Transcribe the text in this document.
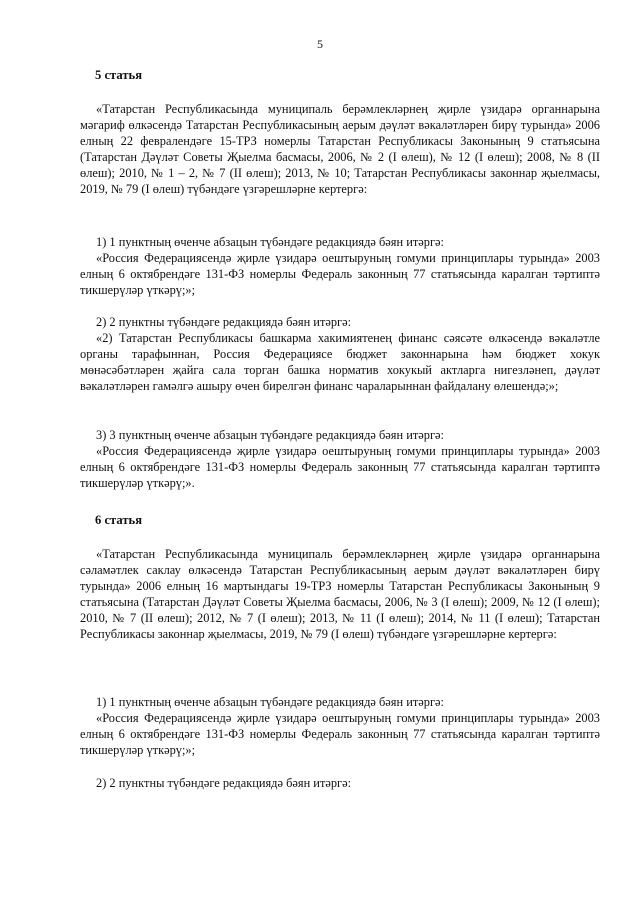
5
5 статья

«Татарстан Республикасында муниципаль берәмлекләрнең җирле үзидарә органнарына мәгариф өлкәсендә Татарстан Республикасының аерым дәүләт вәкаләтләрен бирү турында» 2006 елның 22 февралендәге 15-ТРЗ номерлы Татарстан Республикасы Законының 9 статьясына (Татарстан Дәүләт Советы Җыелма басмасы, 2006, № 2 (I өлеш), № 12 (I өлеш); 2008, № 8 (II өлеш); 2010, № 1 – 2, № 7 (II өлеш); 2013, № 10; Татарстан Республикасы законнар җыелмасы, 2019, № 79 (I өлеш) түбәндәге үзгәрешләрне кертергә:

1) 1 пунктның өченче абзацын түбәндәге редакциядә бәян итәргә:

«Россия Федерациясендә җирле үзидарә оештыруның гомуми принциплары турында» 2003 елның 6 октябрендәге 131-ФЗ номерлы Федераль законның 77 статьясында каралган тәртиптә тикшерүләр үткәрү;»;

2) 2 пунктны түбәндәге редакциядә бәян итәргә:

«2) Татарстан Республикасы башкарма хакимиятенең финанс сәясәте өлкәсендә вәкаләтле органы тарафыннан, Россия Федерациясе бюджет законнарына һәм бюджет хокук мөнәсәбәтләрен җайга сала торган башка норматив хокукый актларга нигезләнеп, дәүләт вәкаләтләрен гамәлгә ашыру өчен бирелгән финанс чараларыннан файдалану өлешендә;»;

3) 3 пунктның өченче абзацын түбәндәге редакциядә бәян итәргә:

«Россия Федерациясендә җирле үзидарә оештыруның гомуми принциплары турында» 2003 елның 6 октябрендәге 131-ФЗ номерлы Федераль законның 77 статьясында каралган тәртиптә тикшерүләр үткәрү;».

6 статья

«Татарстан Республикасында муниципаль берәмлекләрнең җирле үзидарә органнарына сәламәтлек саклау өлкәсендә Татарстан Республикасының аерым дәүләт вәкаләтләрен бирү турында» 2006 елның 16 мартындагы 19-ТРЗ номерлы Татарстан Республикасы Законының 9 статьясына (Татарстан Дәүләт Советы Җыелма басмасы, 2006, № 3 (I өлеш); 2009, № 12 (I өлеш); 2010, № 7 (II өлеш); 2012, № 7 (I өлеш); 2013, № 11 (I өлеш); 2014, № 11 (I өлеш); Татарстан Республикасы законнар җыелмасы, 2019, № 79 (I өлеш) түбәндәге үзгәрешләрне кертергә:

1) 1 пунктның өченче абзацын түбәндәге редакциядә бәян итәргә:

«Россия Федерациясендә җирле үзидарә оештыруның гомуми принциплары турында» 2003 елның 6 октябрендәге 131-ФЗ номерлы Федераль законның 77 статьясында каралган тәртиптә тикшерүләр үткәрү;»;

2) 2 пунктны түбәндәге редакциядә бәян итәргә:
